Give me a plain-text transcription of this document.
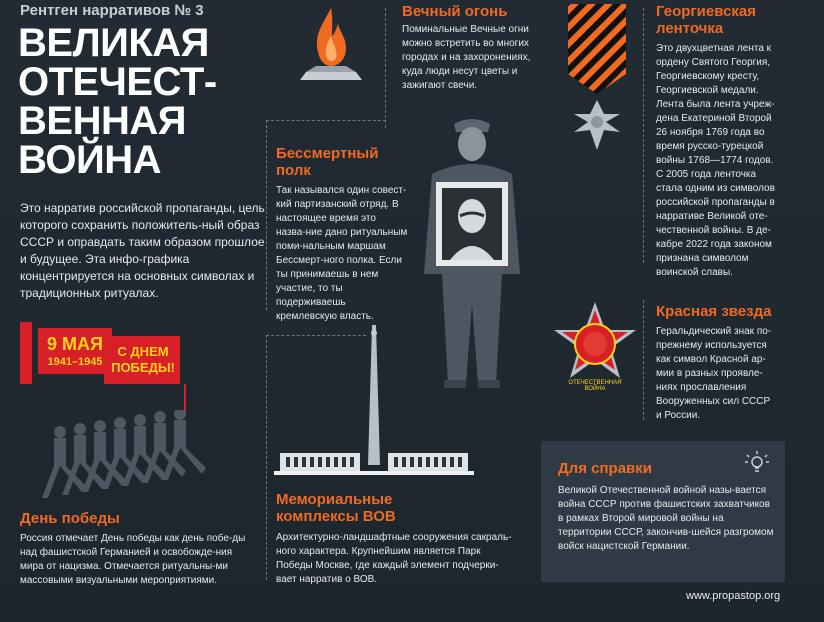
Рентген нарративов № 3
ВЕЛИКАЯ
ОТЕЧЕСТ-
ВЕННАЯ
ВОЙНА
Это нарратив российской пропаганды, цель которого сохранить положитель-ный образ СССР и оправдать таким образом прошлое и будущее. Эта инфо-графика концентрируется на основных символах и традиционных ритуалах.
9 МАЯ
1941–1945
С ДНЕМ
ПОБЕДЫ!
День победы
Россия отмечает День победы как день побе-ды над фашистской Германией и освобожде-ния мира от нацизма. Отмечается ритуальны-ми массовыми визуальными мероприятиями.
Вечный огонь
Поминальные Вечные огни можно встретить во многих городах и на захоронениях, куда люди несут цветы и зажигают свечи.
Георгиевская
ленточка
Это двухцветная лента к ордену Святого Георгия, Георгиевскому кресту, Георгиевской медали. Лента была лента учреж-дена Екатериной Второй 26 ноября 1769 года во время русско-турецкой войны 1768—1774 годов. С 2005 года ленточка стала одним из символов российской пропаганды в нарративе Великой оте-чественной войны. В де-кабре 2022 года законом признана символом воинской славы.
Бессмертный
полк
Так назывался один совест-кий партизанский отряд. В настоящее время это назва-ние дано ритуальным поми-нальным маршам Бессмерт-ного полка. Если ты принимаешь в нем участие, то ты подерживаешь кремлевскую власть.
ОТЕЧЕСТВЕННАЯ ВОЙНА
Красная звезда
Геральдический знак по-прежнему используется как символ Красной ар-мии в разных проявле-ниях прославления Вооруженных сил СССР и России.
Мемориальные
комплексы ВОВ
Архитектурно-ландшафтные сооружения сакраль-ного характера. Крупнейшим является Парк Победы Москве, где каждый элемент подчерки-вает нарратив о ВОВ.
Для справки
Великой Отечественной войной назы-вается война СССР против фашистских захватчиков в рамках Второй мировой войны на территории СССР, закончив-шейся разгромом войск нацистской Германии.
www.propastop.org
